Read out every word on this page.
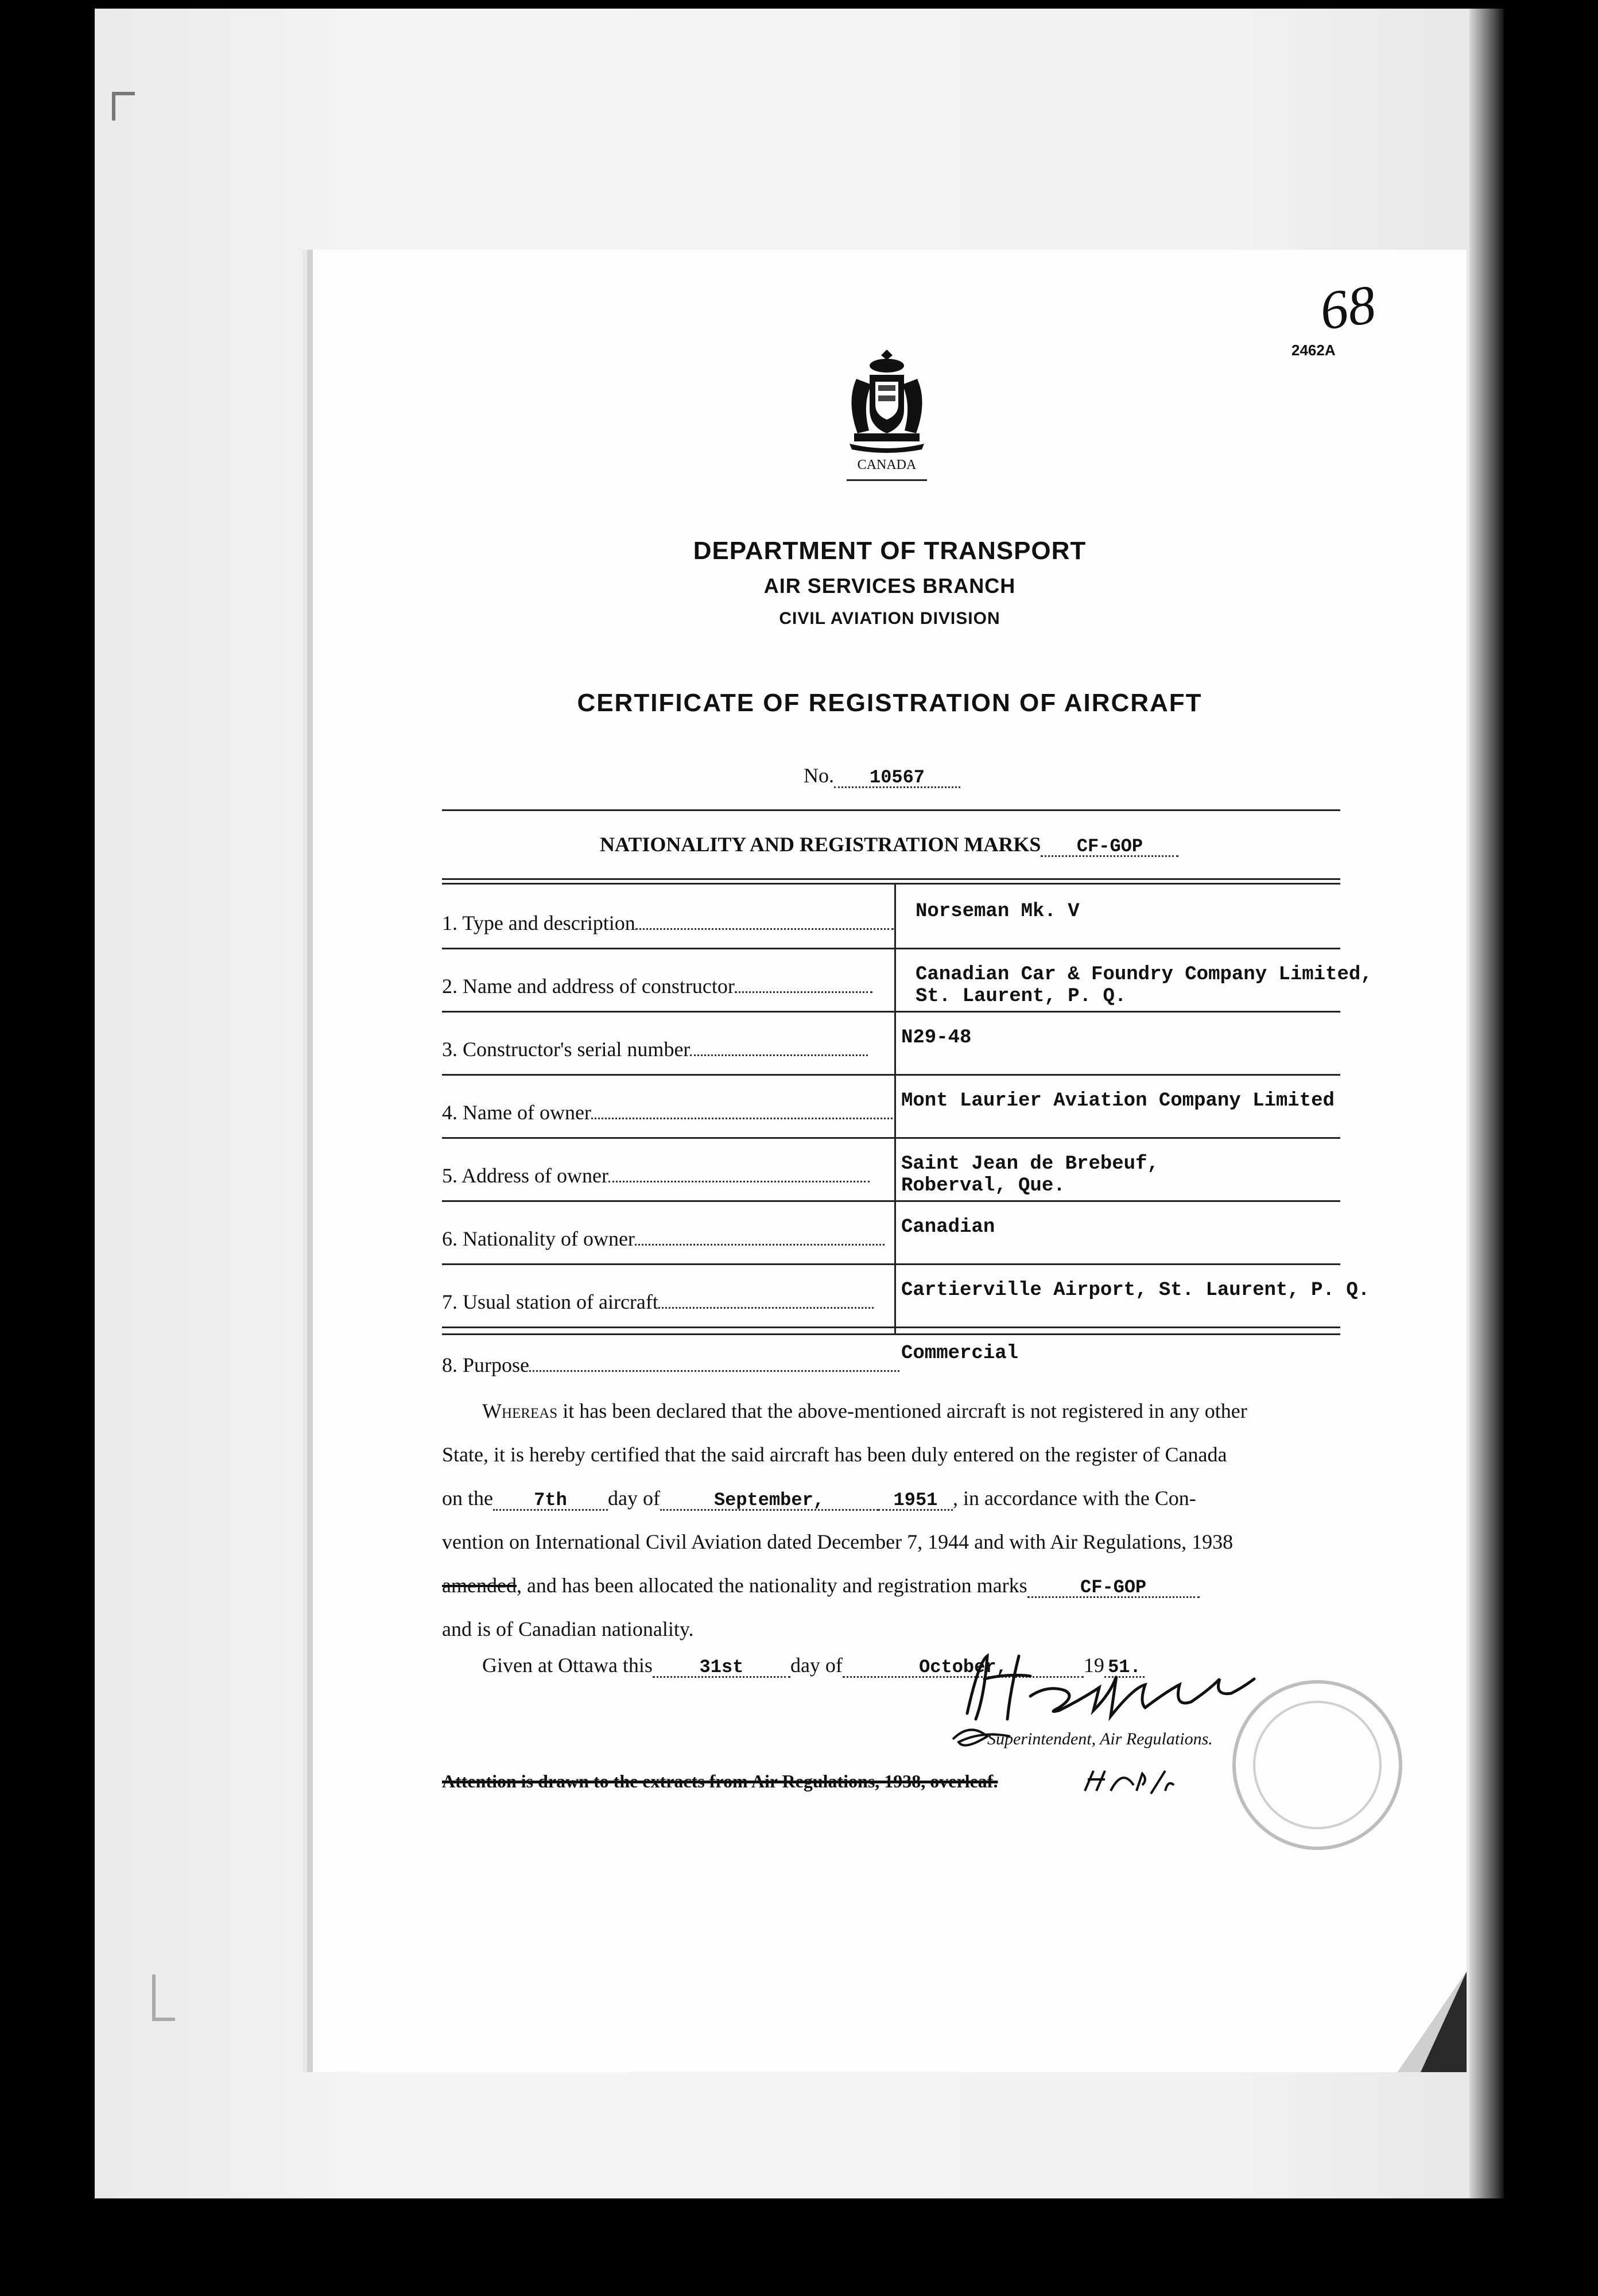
68
2462A
CANADA
DEPARTMENT OF TRANSPORT
AIR SERVICES BRANCH
CIVIL AVIATION DIVISION
CERTIFICATE OF REGISTRATION OF AIRCRAFT
No. 10567
NATIONALITY AND REGISTRATION MARKS CF-GOP
Whereas it has been declared that the above-mentioned aircraft is not registered in any other
State, it is hereby certified that the said aircraft has been duly entered on the register of Canada
on the 7th day of	September,	1951 , in accordance with the Con-
vention on International Civil Aviation dated December 7, 1944 and with Air Regulations, 1938
amended, and has been allocated the nationality and registration marks	CF-GOP
and is of Canadian nationality.
Given at Ottawa this	31st day of	October,	19 51.
Superintendent, Air Regulations.
Attention is drawn to the extracts from Air Regulations, 1938, overleaf.
1. Type and description	Norseman Mk. V
2. Name and address of constructor	Canadian Car & Foundry Company Limited,
St. Laurent, P. Q.
3. Constructor's serial number	N29-48
4. Name of owner	Mont Laurier Aviation Company Limited
5. Address of owner	Saint Jean de Brebeuf,
Roberval, Que.
6. Nationality of owner	Canadian
7. Usual station of aircraft	Cartierville Airport, St. Laurent, P. Q.
8. Purpose	Commercial
